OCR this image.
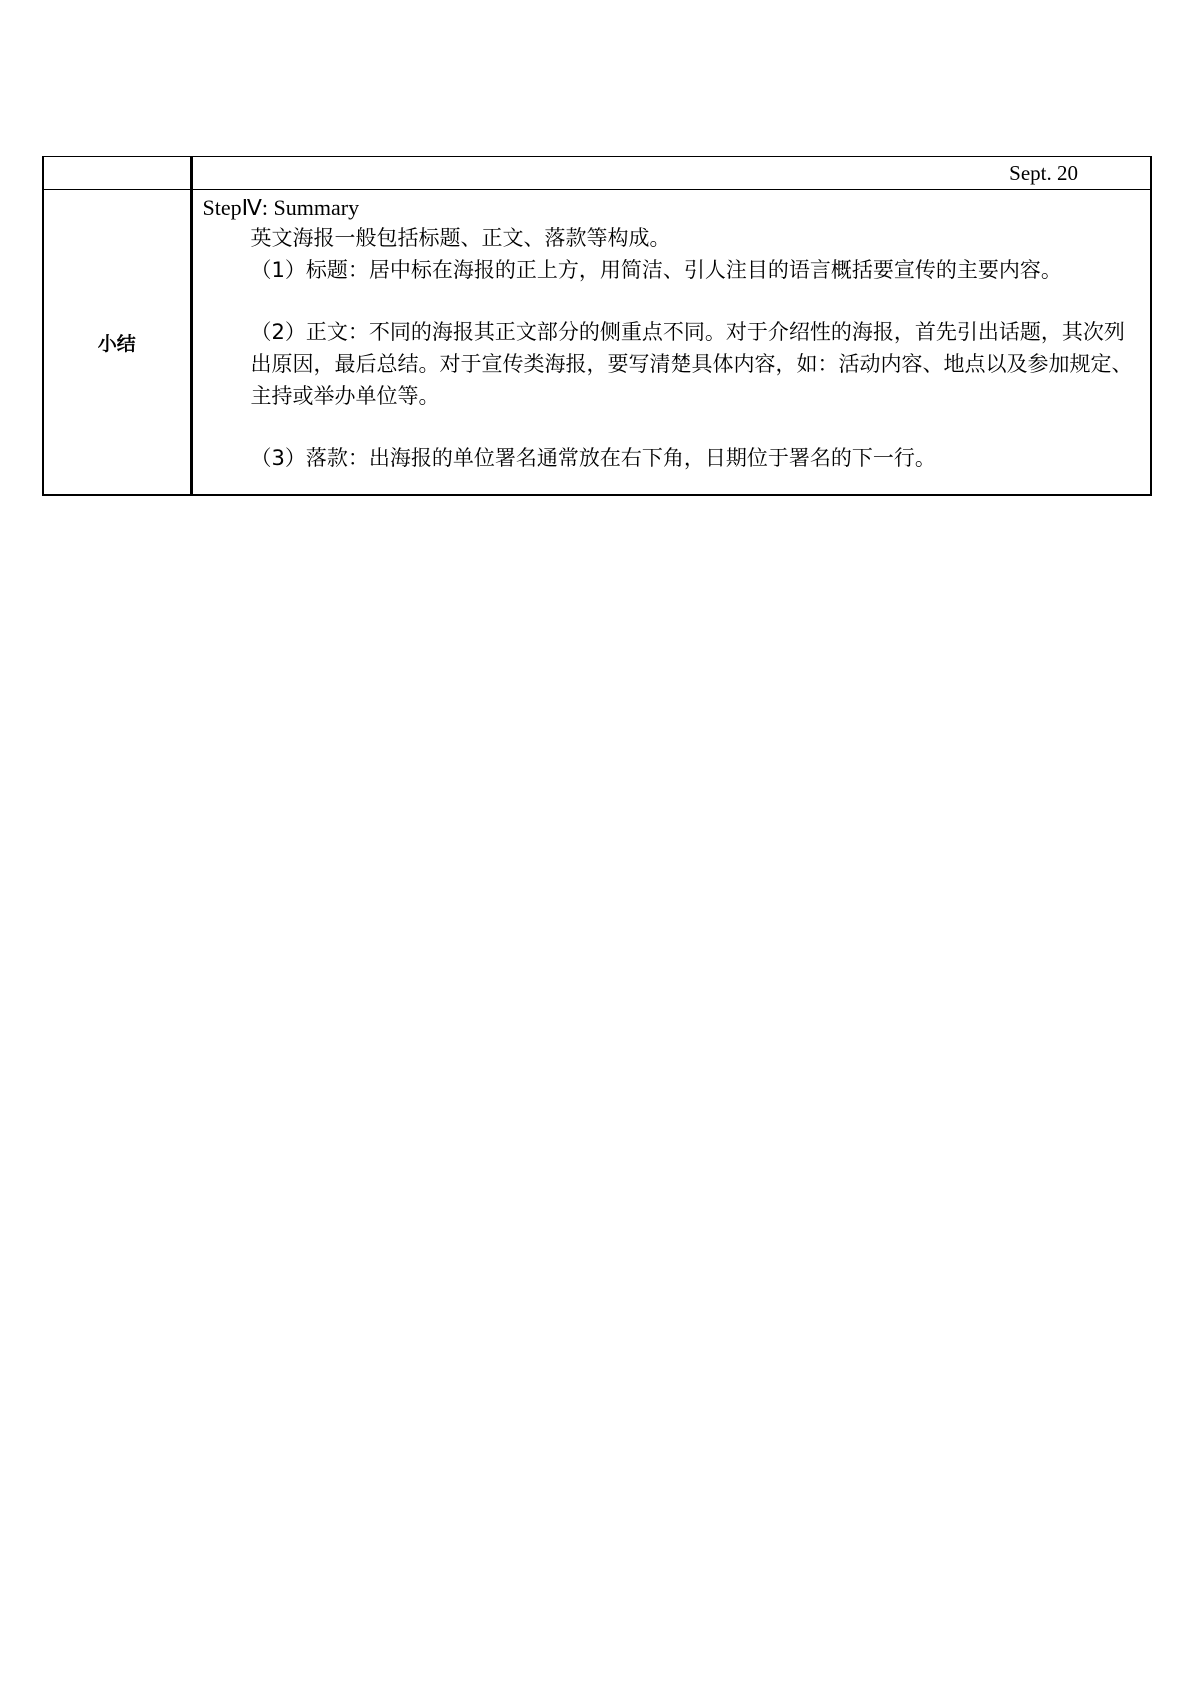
	Sept. 20
小结	StepⅣ: Summary

英文海报一般包括标题、正文、落款等构成。

（1）标题：居中标在海报的正上方，用简洁、引人注目的语言概括要宣传的主要内容。

（2）正文：不同的海报其正文部分的侧重点不同。对于介绍性的海报，首先引出话题，其次列出原因，最后总结。对于宣传类海报，要写清楚具体内容，如：活动内容、地点以及参加规定、主持或举办单位等。

（3）落款：出海报的单位署名通常放在右下角，日期位于署名的下一行。
